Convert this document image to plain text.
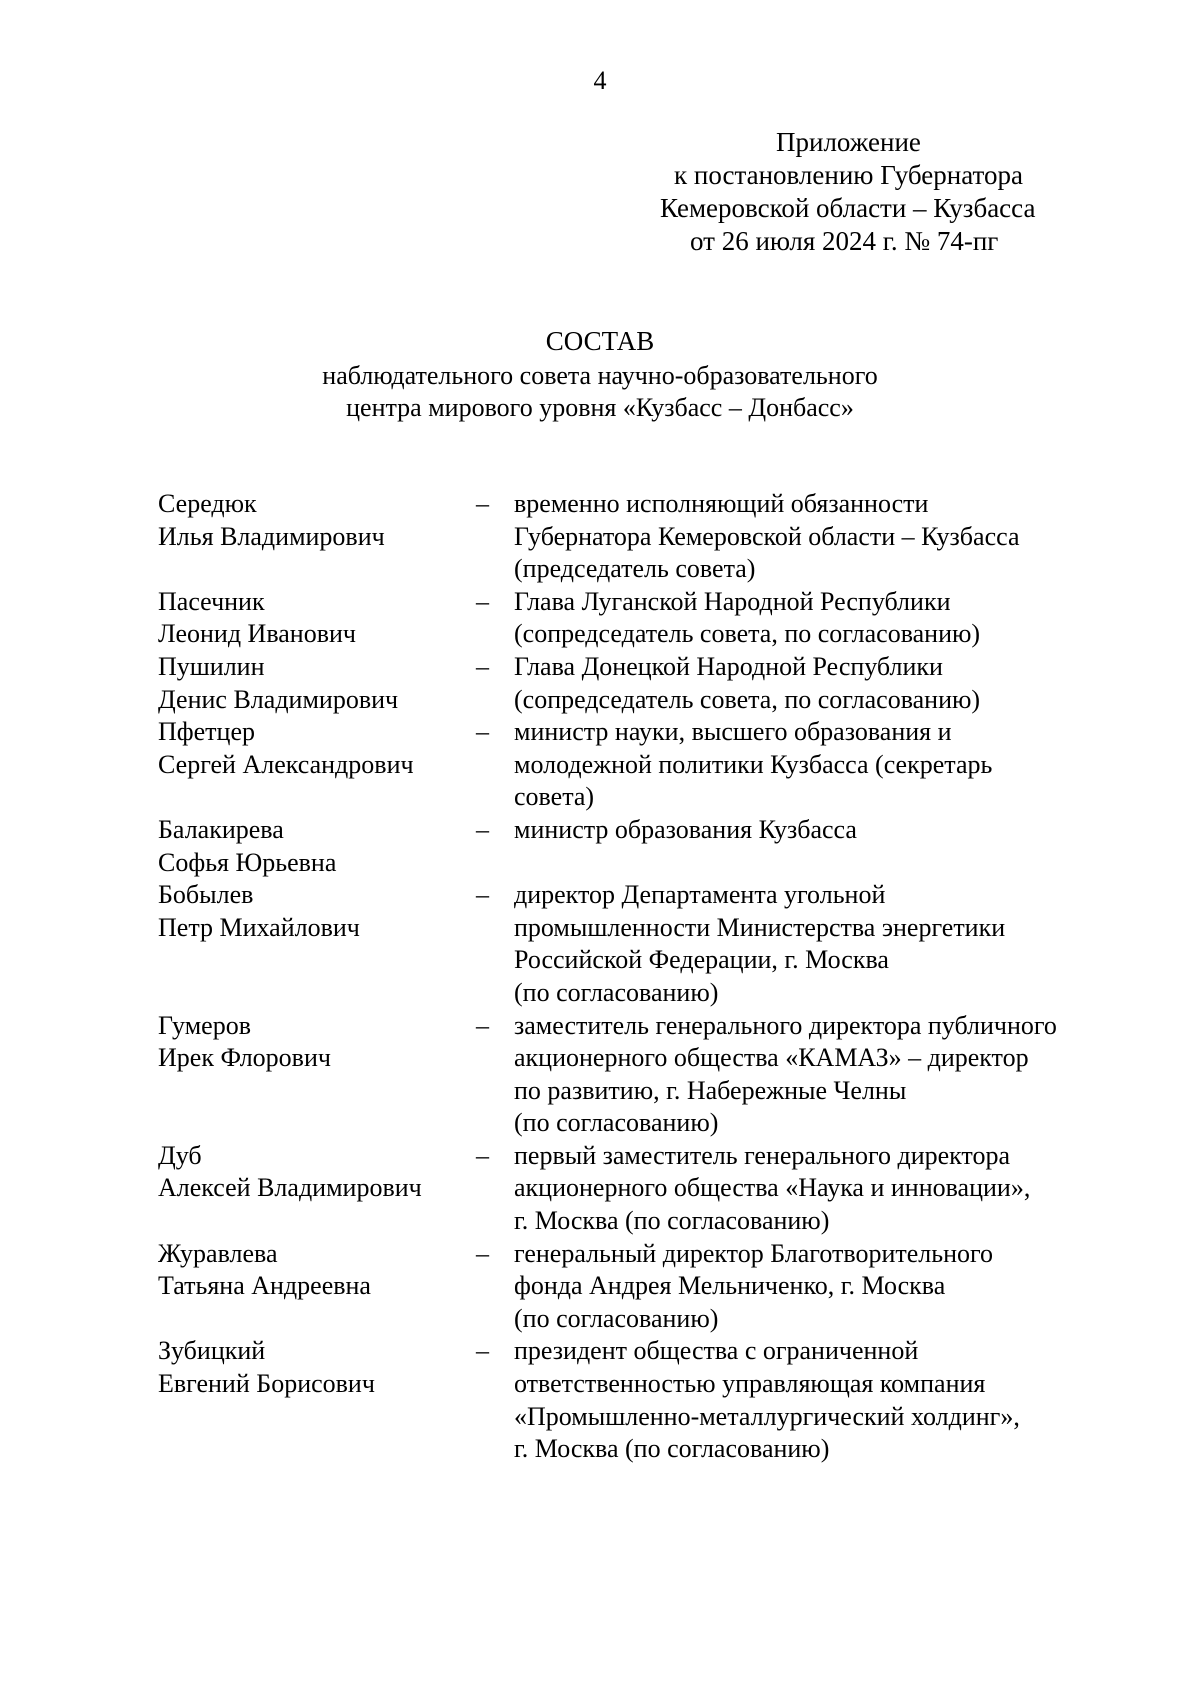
4
Приложение
к постановлению Губернатора
Кемеровской области – Кузбасса
от 26 июля 2024 г. № 74-пг
СОСТАВ
наблюдательного совета научно-образовательного
центра мирового уровня «Кузбасс – Донбасс»
Середюк
Илья Владимирович
– временно исполняющий обязанности
Губернатора Кемеровской области – Кузбасса
(председатель совета)
Пасечник
Леонид Иванович
– Глава Луганской Народной Республики
(сопредседатель совета, по согласованию)
Пушилин
Денис Владимирович
– Глава Донецкой Народной Республики
(сопредседатель совета, по согласованию)
Пфетцер
Сергей Александрович
– министр науки, высшего образования и
молодежной политики Кузбасса (секретарь
совета)
Балакирева
Софья Юрьевна
– министр образования Кузбасса
Бобылев
Петр Михайлович
– директор Департамента угольной
промышленности Министерства энергетики
Российской Федерации, г. Москва
(по согласованию)
Гумеров
Ирек Флорович
– заместитель генерального директора публичного
акционерного общества «КАМАЗ» – директор
по развитию, г. Набережные Челны
(по согласованию)
Дуб
Алексей Владимирович
– первый заместитель генерального директора
акционерного общества «Наука и инновации»,
г. Москва (по согласованию)
Журавлева
Татьяна Андреевна
– генеральный директор Благотворительного
фонда Андрея Мельниченко, г. Москва
(по согласованию)
Зубицкий
Евгений Борисович
– президент общества с ограниченной
ответственностью управляющая компания
«Промышленно-металлургический холдинг»,
г. Москва (по согласованию)
